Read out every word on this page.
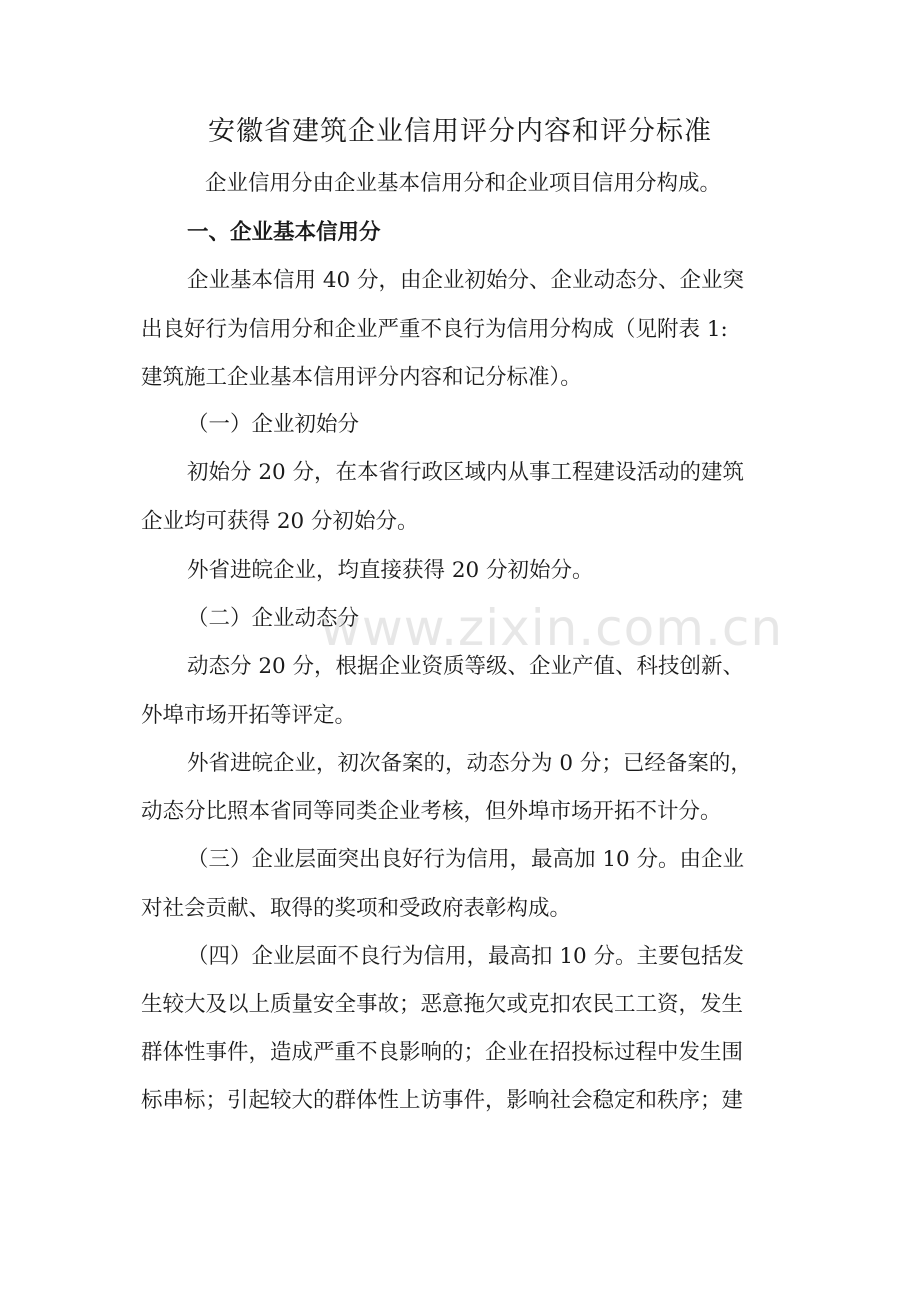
安徽省建筑企业信用评分内容和评分标准
企业信用分由企业基本信用分和企业项目信用分构成。
一、企业基本信用分
企业基本信用 40 分，由企业初始分、企业动态分、企业突
出良好行为信用分和企业严重不良行为信用分构成（见附表 1:
建筑施工企业基本信用评分内容和记分标准）。
（一）企业初始分
初始分 20 分，在本省行政区域内从事工程建设活动的建筑
企业均可获得 20 分初始分。
外省进皖企业，均直接获得 20 分初始分。
（二）企业动态分
动态分 20 分，根据企业资质等级、企业产值、科技创新、
外埠市场开拓等评定。
外省进皖企业，初次备案的，动态分为 0 分；已经备案的，
动态分比照本省同等同类企业考核，但外埠市场开拓不计分。
（三）企业层面突出良好行为信用，最高加 10 分。由企业
对社会贡献、取得的奖项和受政府表彰构成。
（四）企业层面不良行为信用，最高扣 10 分。主要包括发
生较大及以上质量安全事故；恶意拖欠或克扣农民工工资，发生
群体性事件，造成严重不良影响的；企业在招投标过程中发生围
标串标；引起较大的群体性上访事件，影响社会稳定和秩序；建
www.zixin.com.cn
